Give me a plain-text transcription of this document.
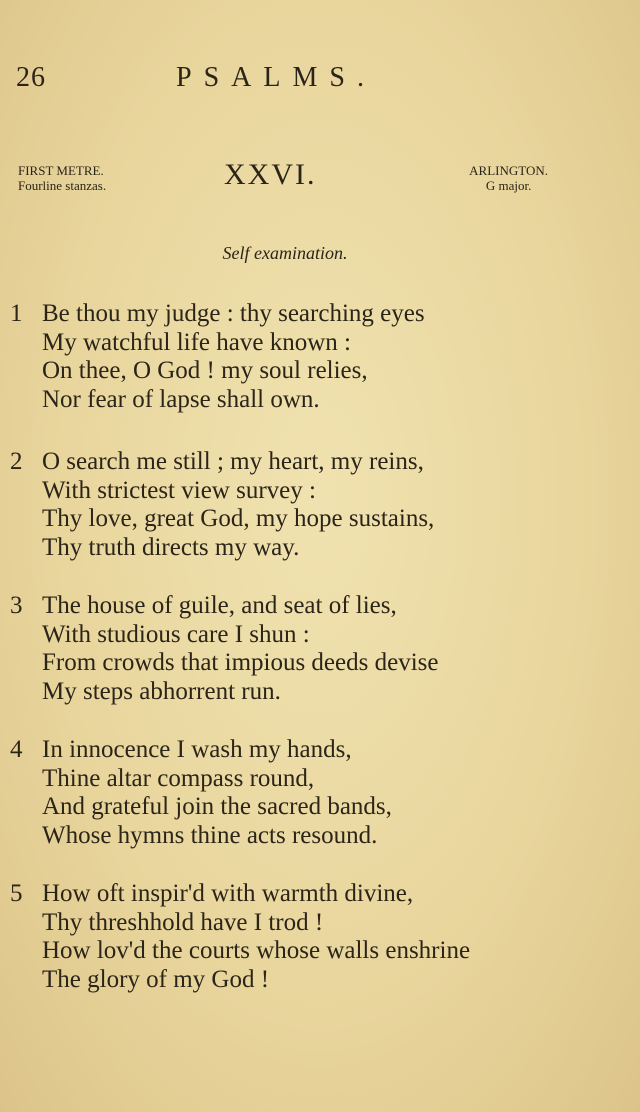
26	PSALMS.
FIRST METRE.
Fourline stanzas.	XXVI.	ARLINGTON.
G major.
Self examination.
1 Be thou my judge : thy searching eyes
My watchful life have known :
On thee, O God ! my soul relies,
Nor fear of lapse shall own.
2 O search me still ; my heart, my reins,
With strictest view survey :
Thy love, great God, my hope sustains,
Thy truth directs my way.
3 The house of guile, and seat of lies,
With studious care I shun :
From crowds that impious deeds devise
My steps abhorrent run.
4 In innocence I wash my hands,
Thine altar compass round,
And grateful join the sacred bands,
Whose hymns thine acts resound.
5 How oft inspir'd with warmth divine,
Thy threshhold have I trod !
How lov'd the courts whose walls enshrine
The glory of my God !
